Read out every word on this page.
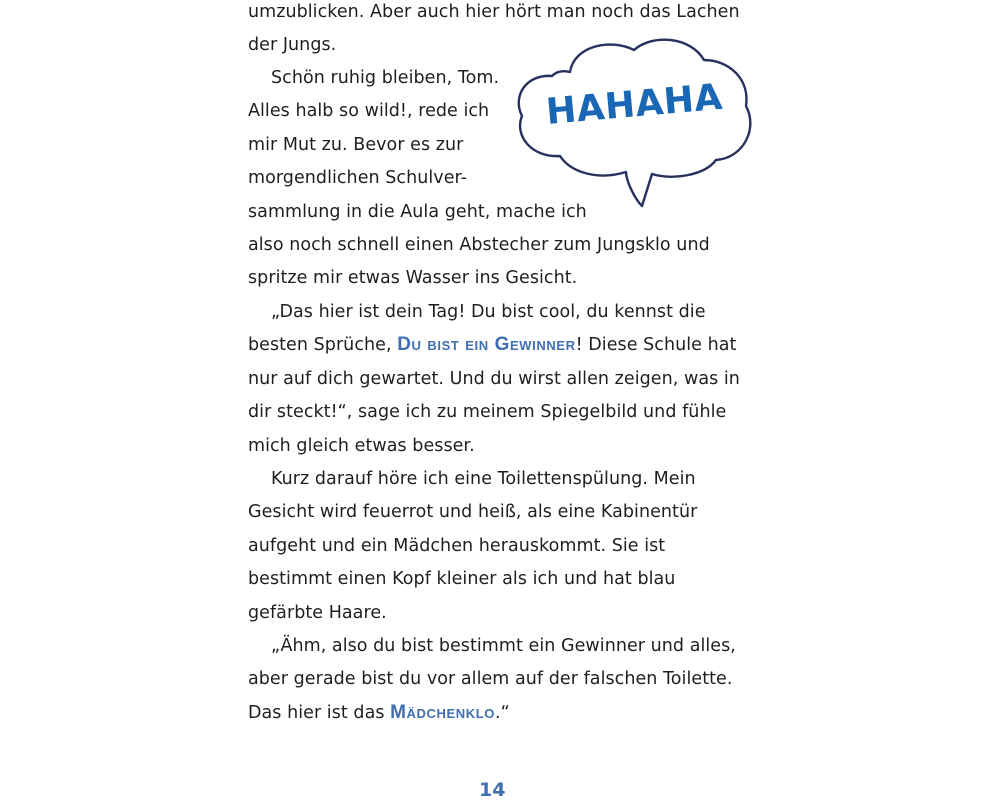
HAHAHA
umzublicken. Aber auch hier hört man noch das Lachen
der Jungs.
Schön ruhig bleiben, Tom.
Alles halb so wild!, rede ich
mir Mut zu. Bevor es zur
morgendlichen Schulver-
sammlung in die Aula geht, mache ich
also noch schnell einen Abstecher zum Jungsklo und
spritze mir etwas Wasser ins Gesicht.
„Das hier ist dein Tag! Du bist cool, du kennst die
besten Sprüche, Du bist ein Gewinner! Diese Schule hat
nur auf dich gewartet. Und du wirst allen zeigen, was in
dir steckt!“, sage ich zu meinem Spiegelbild und fühle
mich gleich etwas besser.
Kurz darauf höre ich eine Toilettenspülung. Mein
Gesicht wird feuerrot und heiß, als eine Kabinentür
aufgeht und ein Mädchen herauskommt. Sie ist
bestimmt einen Kopf kleiner als ich und hat blau
gefärbte Haare.
„Ähm, also du bist bestimmt ein Gewinner und alles,
aber gerade bist du vor allem auf der falschen Toilette.
Das hier ist das Mädchenklo.“
14
